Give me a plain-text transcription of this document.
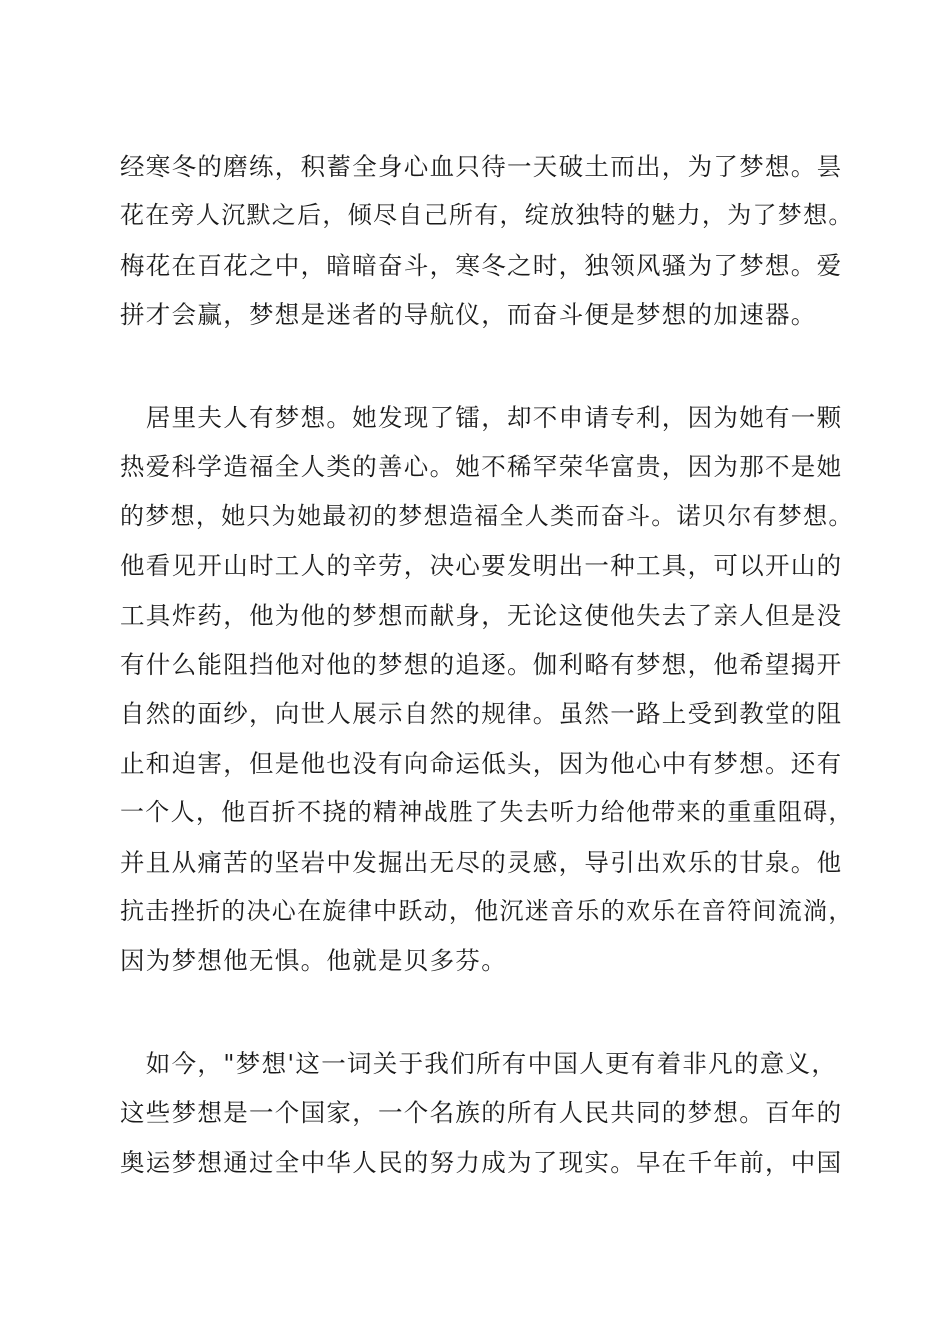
经寒冬的磨练，积蓄全身心血只待一天破土而出，为了梦想。昙
花在旁人沉默之后，倾尽自己所有，绽放独特的魅力，为了梦想。
梅花在百花之中，暗暗奋斗，寒冬之时，独领风骚为了梦想。爱
拼才会赢，梦想是迷者的导航仪，而奋斗便是梦想的加速器。
　居里夫人有梦想。她发现了镭，却不申请专利，因为她有一颗
热爱科学造福全人类的善心。她不稀罕荣华富贵，因为那不是她
的梦想，她只为她最初的梦想造福全人类而奋斗。诺贝尔有梦想。
他看见开山时工人的辛劳，决心要发明出一种工具，可以开山的
工具炸药，他为他的梦想而献身，无论这使他失去了亲人但是没
有什么能阻挡他对他的梦想的追逐。伽利略有梦想，他希望揭开
自然的面纱，向世人展示自然的规律。虽然一路上受到教堂的阻
止和迫害，但是他也没有向命运低头，因为他心中有梦想。还有
一个人，他百折不挠的精神战胜了失去听力给他带来的重重阻碍，
并且从痛苦的坚岩中发掘出无尽的灵感，导引出欢乐的甘泉。他
抗击挫折的决心在旋律中跃动，他沉迷音乐的欢乐在音符间流淌，
因为梦想他无惧。他就是贝多芬。
　如今，"梦想'这一词关于我们所有中国人更有着非凡的意义，
这些梦想是一个国家，一个名族的所有人民共同的梦想。百年的
奥运梦想通过全中华人民的努力成为了现实。早在千年前，中国
